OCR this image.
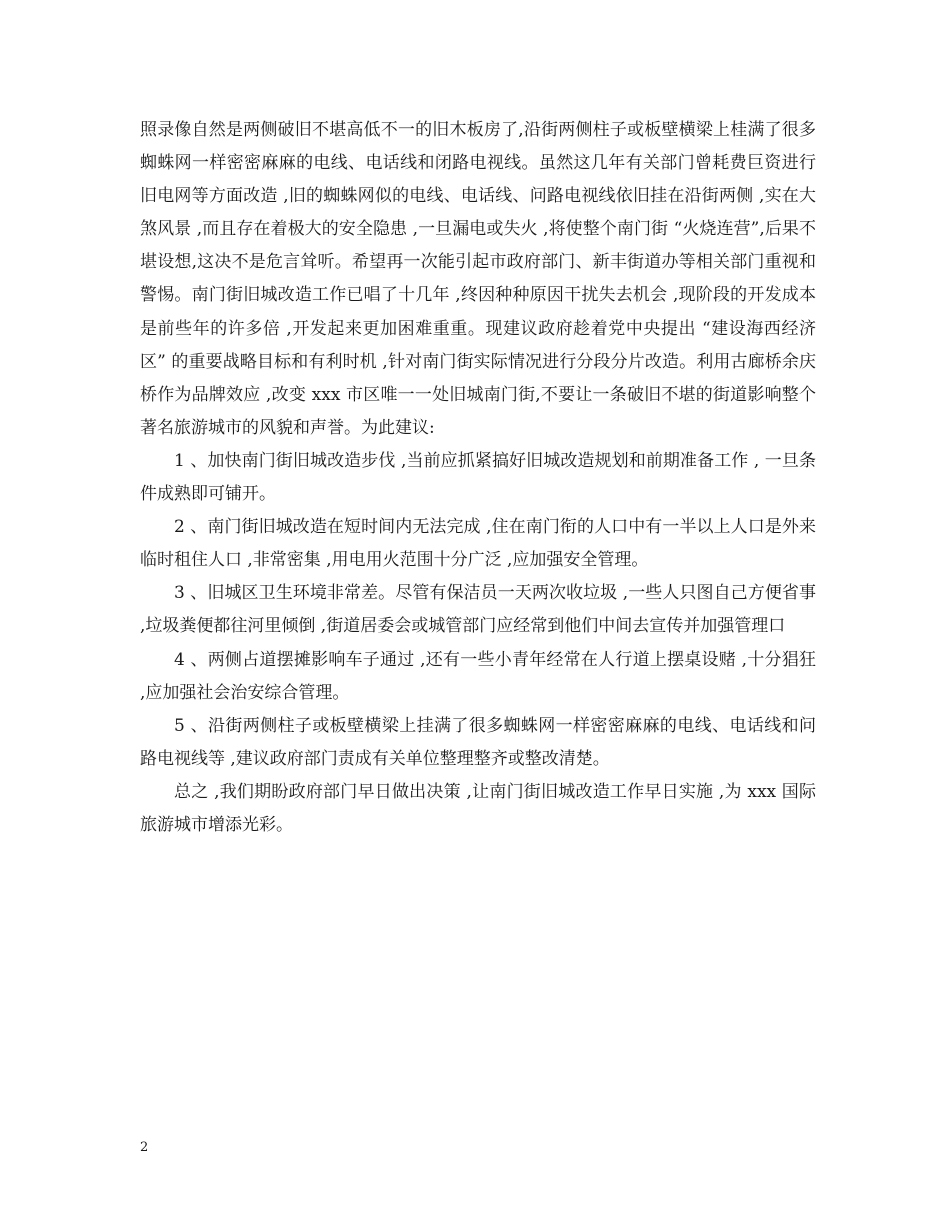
照录像自然是两侧破旧不堪高低不一的旧木板房了,沿街两侧柱子或板壁横梁上桂满了很多蜘蛛网一样密密麻麻的电线、电话线和闭路电视线。虽然这几年有关部门曾耗费巨资进行旧电网等方面改造 ,旧的蜘蛛网似的电线、电话线、问路电视线依旧挂在沿街两侧 ,实在大煞风景 ,而且存在着极大的安全隐患 ,一旦漏电或失火 ,将使整个南门街 “火烧连营”,后果不堪设想,这决不是危言耸听。希望再一次能引起市政府部门、新丰街道办等相关部门重视和警惕。南门街旧城改造工作已唱了十几年 ,终因种种原因干扰失去机会 ,现阶段的开发成本是前些年的许多倍 ,开发起来更加困难重重。现建议政府趁着党中央提出 “建设海西经济区” 的重要战略目标和有利时机 ,针对南门街实际情况进行分段分片改造。利用古廊桥余庆桥作为品牌效应 ,改变 xxx 市区唯一一处旧城南门街,不要让一条破旧不堪的街道影响整个著名旅游城市的风貌和声誉。为此建议:

1 、加快南门街旧城改造步伐 ,当前应抓紧搞好旧城改造规划和前期准备工作 , 一旦条件成熟即可铺开。

2 、南门街旧城改造在短时间内无法完成 ,住在南门衔的人口中有一半以上人口是外来临时租住人口 ,非常密集 ,用电用火范围十分广泛 ,应加强安全管理。

3 、旧城区卫生环境非常差。尽管有保洁员一天两次收垃圾 ,一些人只图自己方便省事 ,垃圾粪便都往河里倾倒 ,街道居委会或城管部门应经常到他们中间去宣传并加强管理口

4 、两侧占道摆摊影响车子通过 ,还有一些小青年经常在人行道上摆桌设赌 ,十分猖狂 ,应加强社会治安综合管理。

5 、沿街两侧柱子或板壁横梁上挂满了很多蜘蛛网一样密密麻麻的电线、电话线和问路电视线等 ,建议政府部门责成有关单位整理整齐或整改清楚。

总之 ,我们期盼政府部门早日做出决策 ,让南门街旧城改造工作早日实施 ,为 xxx 国际旅游城市增添光彩。

2
